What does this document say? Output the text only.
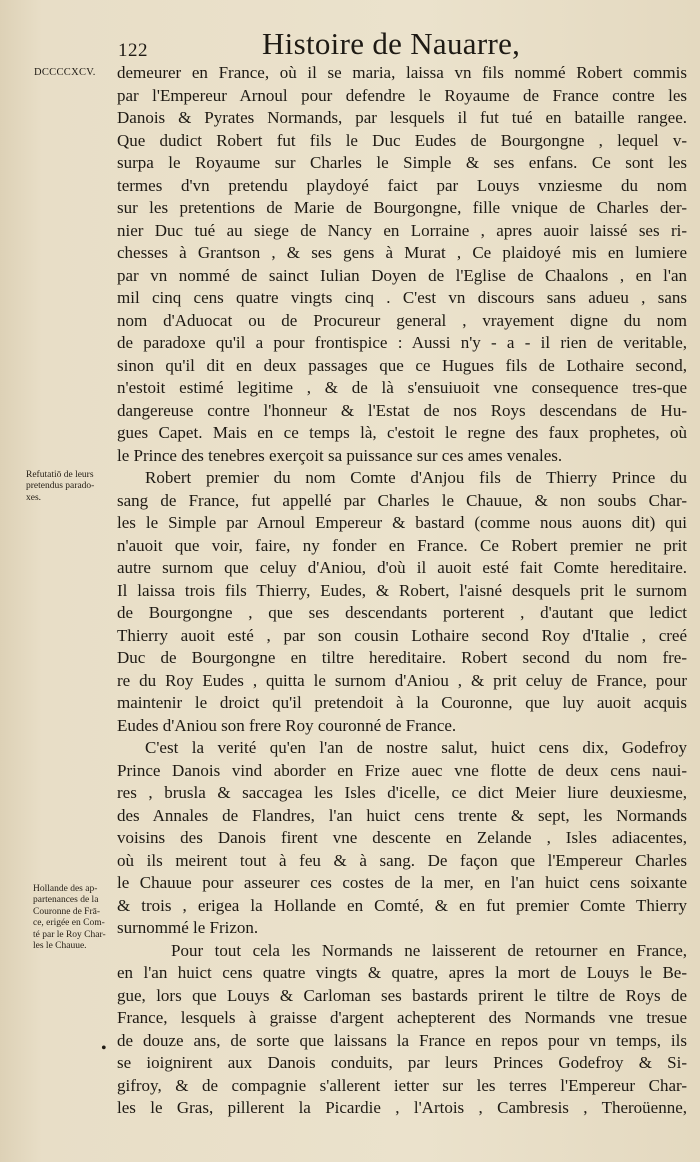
122	Histoire de Nauarre,
DCCCCXCV.
Refutatiō de leurs
pretendus parado-
xes.
Hollande des ap-
partenances de la
Couronne de Frā-
ce, erigée en Com-
té par le Roy Char-
les le Chauue.
•
demeurer en France, où il se maria, laissa vn fils nommé Robert commis
par l'Empereur Arnoul pour defendre le Royaume de France contre les
Danois & Pyrates Normands, par lesquels il fut tué en bataille rangee.
Que dudict Robert fut fils le Duc Eudes de Bourgongne , lequel v-
surpa le Royaume sur Charles le Simple & ses enfans. Ce sont les
termes d'vn pretendu playdoyé faict par Louys vnziesme du nom
sur les pretentions de Marie de Bourgongne, fille vnique de Charles der-
nier Duc tué au siege de Nancy en Lorraine , apres auoir laissé ses ri-
chesses à Grantson , & ses gens à Murat , Ce plaidoyé mis en lumiere
par vn nommé de sainct Iulian Doyen de l'Eglise de Chaalons , en l'an
mil cinq cens quatre vingts cinq . C'est vn discours sans adueu , sans
nom d'Aduocat ou de Procureur general , vrayement digne du nom
de paradoxe qu'il a pour frontispice : Aussi n'y - a - il rien de veritable,
sinon qu'il dit en deux passages que ce Hugues fils de Lothaire second,
n'estoit estimé legitime , & de là s'ensuiuoit vne consequence tres-que
dangereuse contre l'honneur & l'Estat de nos Roys descendans de Hu-
gues Capet. Mais en ce temps là, c'estoit le regne des faux prophetes, où
le Prince des tenebres exerçoit sa puissance sur ces ames venales.
Robert premier du nom Comte d'Anjou fils de Thierry Prince du
sang de France, fut appellé par Charles le Chauue, & non soubs Char-
les le Simple par Arnoul Empereur & bastard (comme nous auons dit) qui
n'auoit que voir, faire, ny fonder en France. Ce Robert premier ne prit
autre surnom que celuy d'Aniou, d'où il auoit esté fait Comte hereditaire.
Il laissa trois fils Thierry, Eudes, & Robert, l'aisné desquels prit le surnom
de Bourgongne , que ses descendants porterent , d'autant que ledict
Thierry auoit esté , par son cousin Lothaire second Roy d'Italie , creé
Duc de Bourgongne en tiltre hereditaire. Robert second du nom fre-
re du Roy Eudes , quitta le surnom d'Aniou , & prit celuy de France, pour
maintenir le droict qu'il pretendoit à la Couronne, que luy auoit acquis
Eudes d'Aniou son frere Roy couronné de France.
C'est la verité qu'en l'an de nostre salut, huict cens dix, Godefroy
Prince Danois vind aborder en Frize auec vne flotte de deux cens naui-
res , brusla & saccagea les Isles d'icelle, ce dict Meier liure deuxiesme,
des Annales de Flandres, l'an huict cens trente & sept, les Normands
voisins des Danois firent vne descente en Zelande , Isles adiacentes,
où ils meirent tout à feu & à sang. De façon que l'Empereur Charles
le Chauue pour asseurer ces costes de la mer, en l'an huict cens soixante
& trois , erigea la Hollande en Comté, & en fut premier Comte Thierry
surnommé le Frizon.
Pour tout cela les Normands ne laisserent de retourner en France,
en l'an huict cens quatre vingts & quatre, apres la mort de Louys le Be-
gue, lors que Louys & Carloman ses bastards prirent le tiltre de Roys de
France, lesquels à graisse d'argent achepterent des Normands vne tresue
de douze ans, de sorte que laissans la France en repos pour vn temps, ils
se ioignirent aux Danois conduits, par leurs Princes Godefroy & Si-
gifroy, & de compagnie s'allerent ietter sur les terres l'Empereur Char-
les le Gras, pillerent la Picardie , l'Artois , Cambresis , Theroüenne,
